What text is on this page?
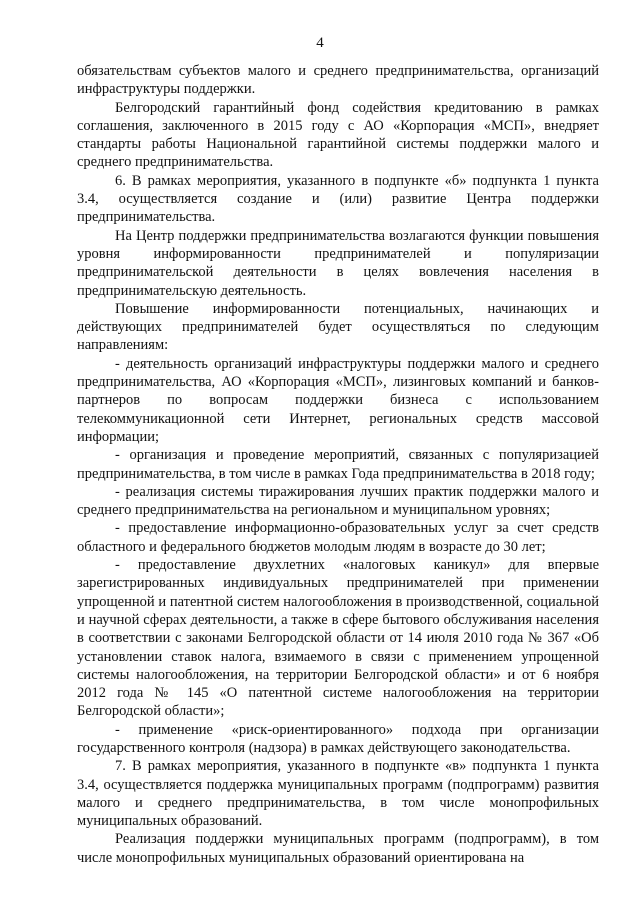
4

обязательствам субъектов малого и среднего предпринимательства, организаций инфраструктуры поддержки.

Белгородский гарантийный фонд содействия кредитованию в рамках соглашения, заключенного в 2015 году с АО «Корпорация «МСП», внедряет стандарты работы Национальной гарантийной системы поддержки малого и среднего предпринимательства.

6. В рамках мероприятия, указанного в подпункте «б» подпункта 1 пункта 3.4, осуществляется создание и (или) развитие Центра поддержки предпринимательства.

На Центр поддержки предпринимательства возлагаются функции повышения уровня информированности предпринимателей и популяризации предпринимательской деятельности в целях вовлечения населения в предпринимательскую деятельность.

Повышение информированности потенциальных, начинающих и действующих предпринимателей будет осуществляться по следующим направлениям:

- деятельность организаций инфраструктуры поддержки малого и среднего предпринимательства, АО «Корпорация «МСП», лизинговых компаний и банков-партнеров по вопросам поддержки бизнеса с использованием телекоммуникационной сети Интернет, региональных средств массовой информации;

- организация и проведение мероприятий, связанных с популяризацией предпринимательства, в том числе в рамках Года предпринимательства в 2018 году;

- реализация системы тиражирования лучших практик поддержки малого и среднего предпринимательства на региональном и муниципальном уровнях;

- предоставление информационно-образовательных услуг за счет средств областного и федерального бюджетов молодым людям в возрасте до 30 лет;

- предоставление двухлетних «налоговых каникул» для впервые зарегистрированных индивидуальных предпринимателей при применении упрощенной и патентной систем налогообложения в производственной, социальной и научной сферах деятельности, а также в сфере бытового обслуживания населения в соответствии с законами Белгородской области от 14 июля 2010 года № 367 «Об установлении ставок налога, взимаемого в связи с применением упрощенной системы налогообложения, на территории Белгородской области» и от 6 ноября 2012 года № 145 «О патентной системе налогообложения на территории Белгородской области»;

- применение «риск-ориентированного» подхода при организации государственного контроля (надзора) в рамках действующего законодательства.

7. В рамках мероприятия, указанного в подпункте «в» подпункта 1 пункта 3.4, осуществляется поддержка муниципальных программ (подпрограмм) развития малого и среднего предпринимательства, в том числе монопрофильных муниципальных образований.

Реализация поддержки муниципальных программ (подпрограмм), в том числе монопрофильных муниципальных образований ориентирована на
